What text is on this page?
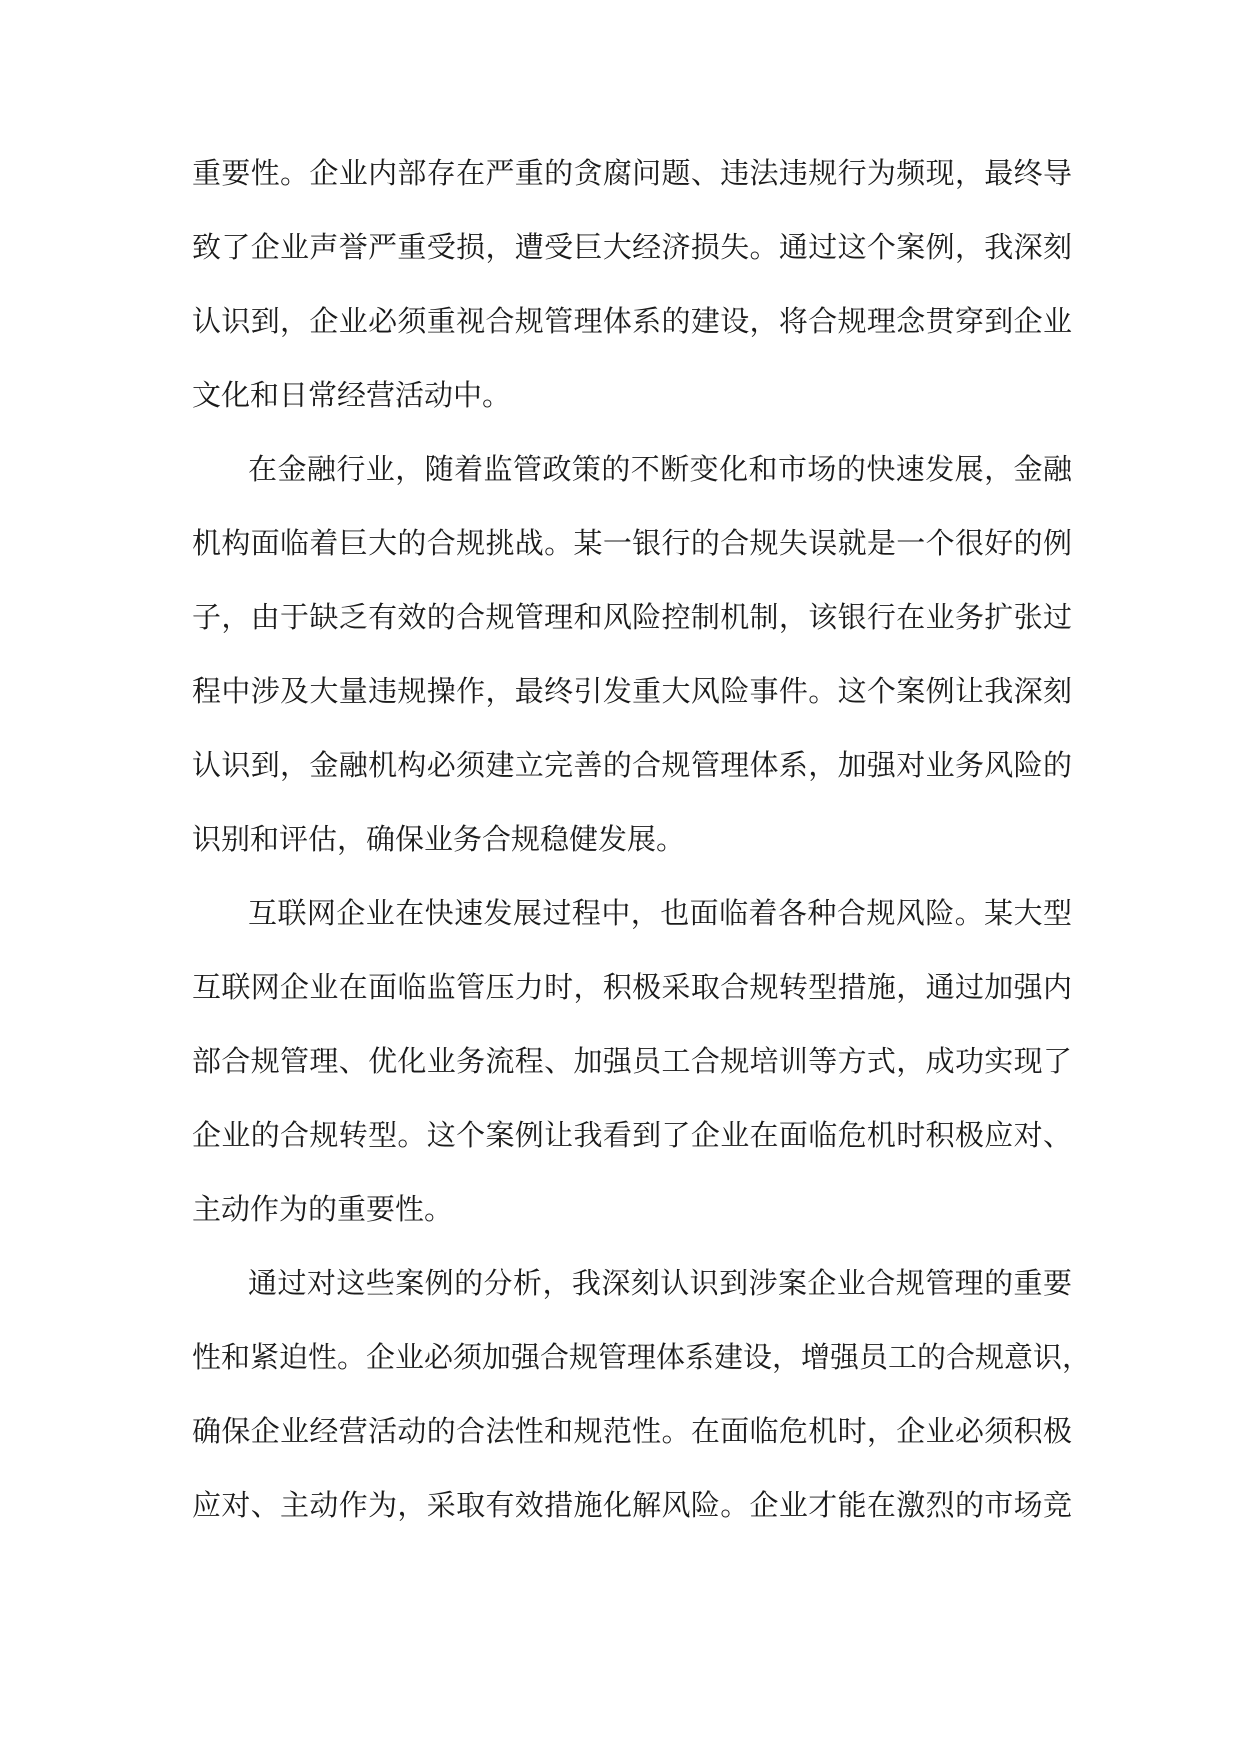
重要性。企业内部存在严重的贪腐问题、违法违规行为频现，最终导
致了企业声誉严重受损，遭受巨大经济损失。通过这个案例，我深刻
认识到，企业必须重视合规管理体系的建设，将合规理念贯穿到企业
文化和日常经营活动中。
在金融行业，随着监管政策的不断变化和市场的快速发展，金融
机构面临着巨大的合规挑战。某一银行的合规失误就是一个很好的例
子，由于缺乏有效的合规管理和风险控制机制，该银行在业务扩张过
程中涉及大量违规操作，最终引发重大风险事件。这个案例让我深刻
认识到，金融机构必须建立完善的合规管理体系，加强对业务风险的
识别和评估，确保业务合规稳健发展。
互联网企业在快速发展过程中，也面临着各种合规风险。某大型
互联网企业在面临监管压力时，积极采取合规转型措施，通过加强内
部合规管理、优化业务流程、加强员工合规培训等方式，成功实现了
企业的合规转型。这个案例让我看到了企业在面临危机时积极应对、
主动作为的重要性。
通过对这些案例的分析，我深刻认识到涉案企业合规管理的重要
性和紧迫性。企业必须加强合规管理体系建设，增强员工的合规意识，
确保企业经营活动的合法性和规范性。在面临危机时，企业必须积极
应对、主动作为，采取有效措施化解风险。企业才能在激烈的市场竞
